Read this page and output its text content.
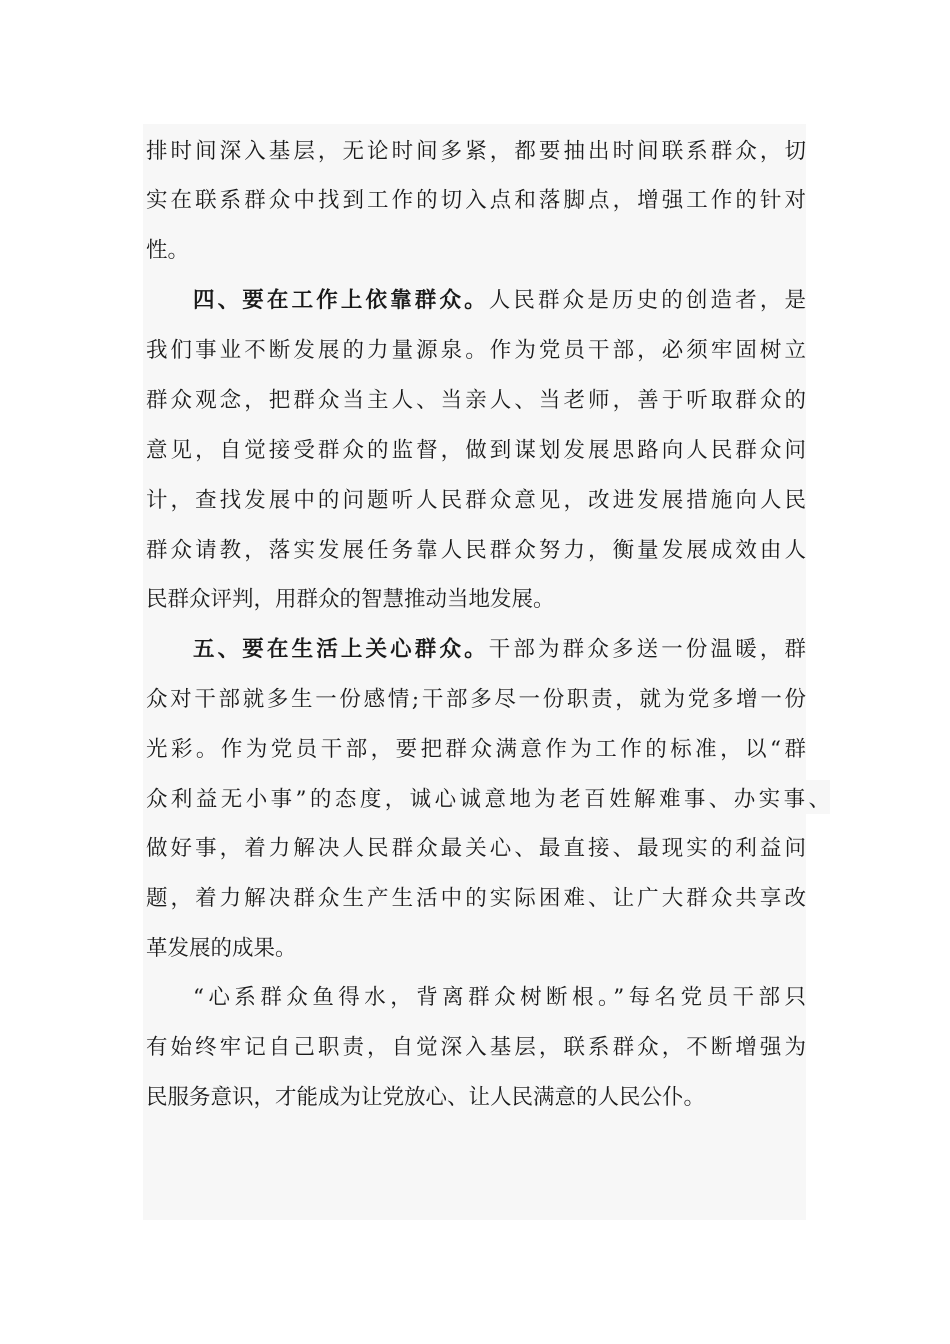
排时间深入基层，无论时间多紧，都要抽出时间联系群众，切
实在联系群众中找到工作的切入点和落脚点，增强工作的针对
性。
四、要在工作上依靠群众。人民群众是历史的创造者，是
我们事业不断发展的力量源泉。作为党员干部，必须牢固树立
群众观念，把群众当主人、当亲人、当老师，善于听取群众的
意见，自觉接受群众的监督，做到谋划发展思路向人民群众问
计，查找发展中的问题听人民群众意见，改进发展措施向人民
群众请教，落实发展任务靠人民群众努力，衡量发展成效由人
民群众评判，用群众的智慧推动当地发展。
五、要在生活上关心群众。干部为群众多送一份温暖，群
众对干部就多生一份感情;干部多尽一份职责，就为党多增一份
光彩。作为党员干部，要把群众满意作为工作的标准，以“群
众利益无小事”的态度，诚心诚意地为老百姓解难事、办实事、
做好事，着力解决人民群众最关心、最直接、最现实的利益问
题，着力解决群众生产生活中的实际困难、让广大群众共享改
革发展的成果。
“心系群众鱼得水，背离群众树断根。”每名党员干部只
有始终牢记自己职责，自觉深入基层，联系群众，不断增强为
民服务意识，才能成为让党放心、让人民满意的人民公仆。
